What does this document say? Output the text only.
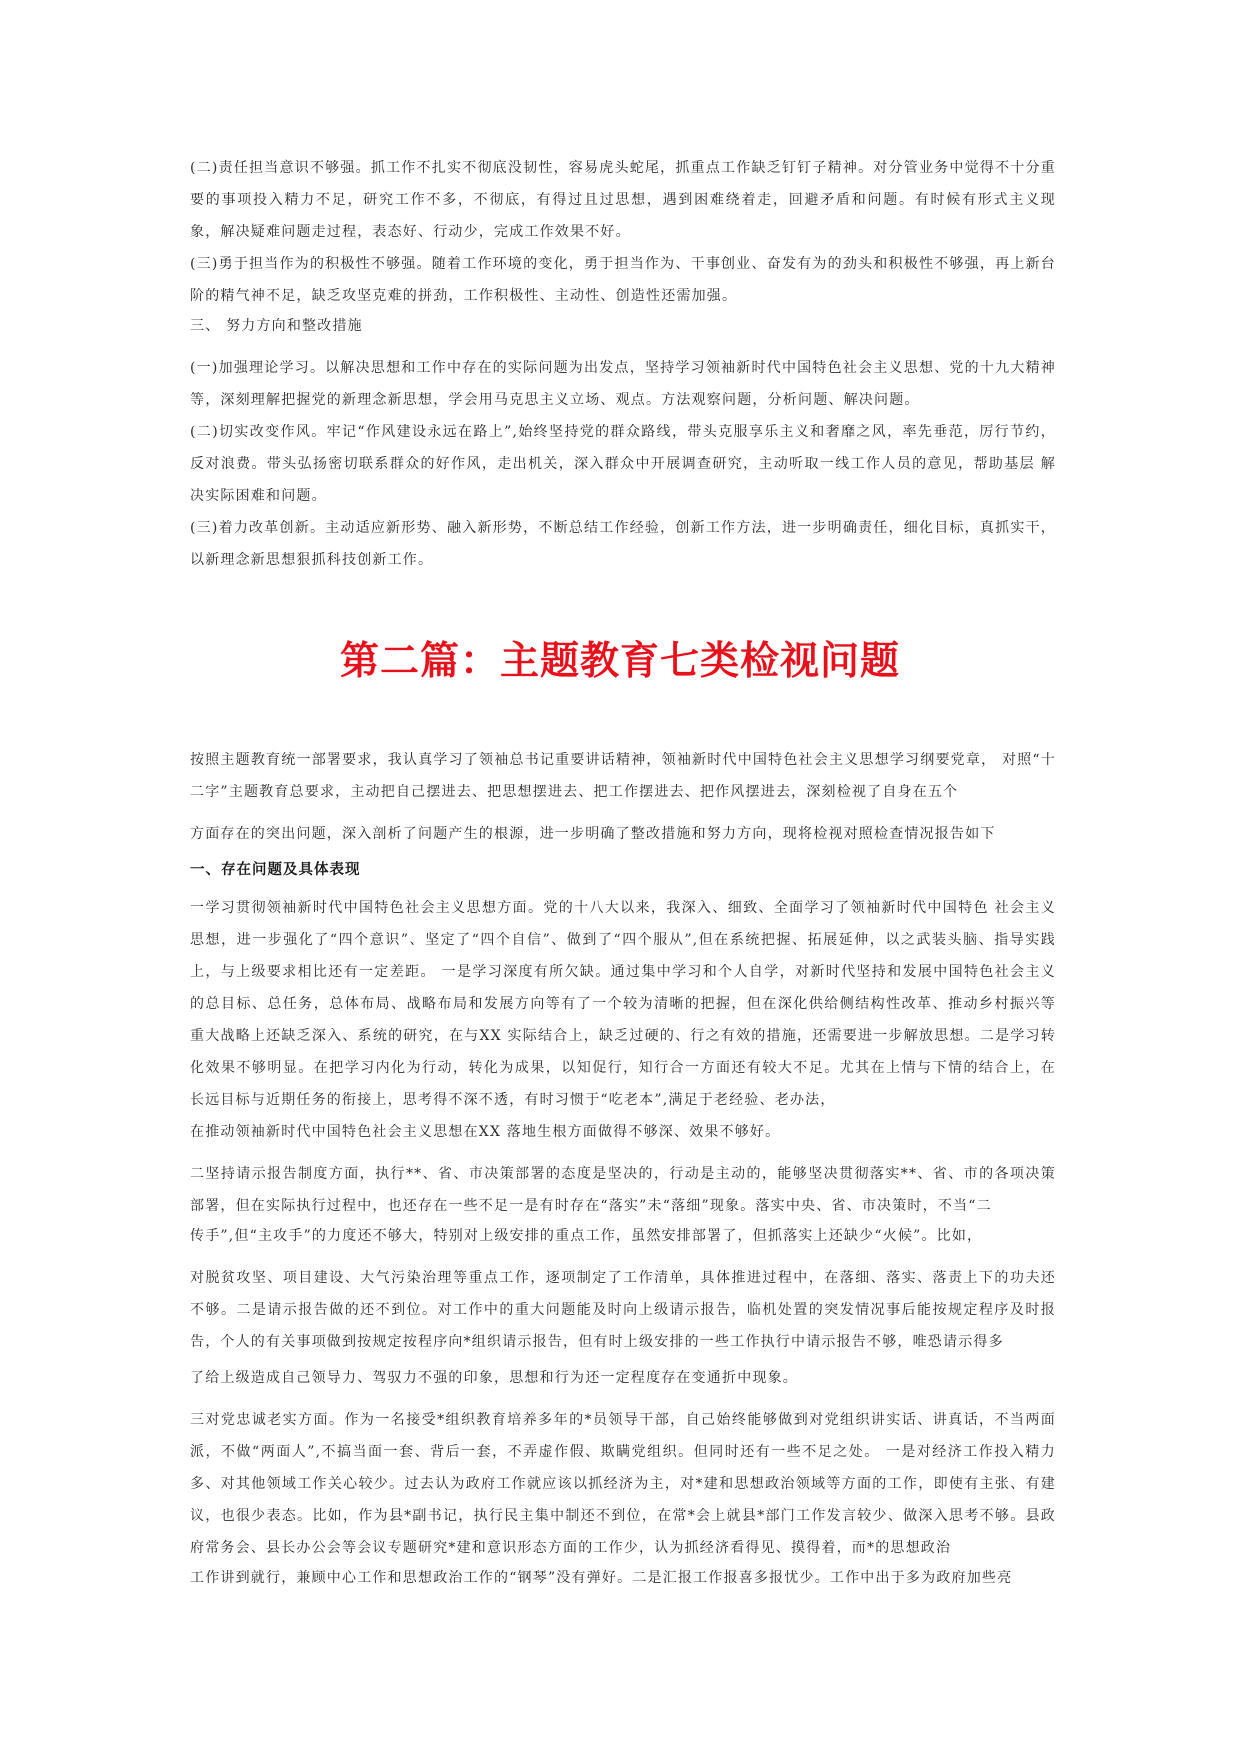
(二)责任担当意识不够强。抓工作不扎实不彻底没韧性，容易虎头蛇尾，抓重点工作缺乏钉钉子精神。对分管业务中觉得不十分重要的事项投入精力不足，研究工作不多，不彻底，有得过且过思想，遇到困难绕着走，回避矛盾和问题。有时候有形式主义现象，解决疑难问题走过程，表态好、行动少，完成工作效果不好。

(三)勇于担当作为的积极性不够强。随着工作环境的变化，勇于担当作为、干事创业、奋发有为的劲头和积极性不够强，再上新台阶的精气神不足，缺乏攻坚克难的拼劲，工作积极性、主动性、创造性还需加强。

三、 努力方向和整改措施

(一)加强理论学习。以解决思想和工作中存在的实际问题为出发点，坚持学习领袖新时代中国特色社会主义思想、党的十九大精神等，深刻理解把握党的新理念新思想，学会用马克思主义立场、观点。方法观察问题，分析问题、解决问题。

(二)切实改变作风。牢记“作风建设永远在路上”,始终坚持党的群众路线，带头克服享乐主义和奢靡之风，率先垂范，厉行节约，反对浪费。带头弘扬密切联系群众的好作风，走出机关，深入群众中开展调查研究，主动听取一线工作人员的意见，帮助基层 解决实际困难和问题。

(三)着力改革创新。主动适应新形势、融入新形势，不断总结工作经验，创新工作方法，进一步明确责任，细化目标，真抓实干，以新理念新思想狠抓科技创新工作。

第二篇：主题教育七类检视问题

按照主题教育统一部署要求，我认真学习了领袖总书记重要讲话精神，领袖新时代中国特色社会主义思想学习纲要党章， 对照“十二字”主题教育总要求，主动把自己摆进去、把思想摆进去、把工作摆进去、把作风摆进去，深刻检视了自身在五个

方面存在的突出问题，深入剖析了问题产生的根源，进一步明确了整改措施和努力方向，现将检视对照检查情况报告如下

一、存在问题及具体表现

一学习贯彻领袖新时代中国特色社会主义思想方面。党的十八大以来，我深入、细致、全面学习了领袖新时代中国特色 社会主义思想，进一步强化了“四个意识”、坚定了“四个自信”、做到了“四个服从”,但在系统把握、拓展延伸，以之武装头脑、指导实践上，与上级要求相比还有一定差距。 一是学习深度有所欠缺。通过集中学习和个人自学，对新时代坚持和发展中国特色社会主义的总目标、总任务，总体布局、战略布局和发展方向等有了一个较为清晰的把握，但在深化供给侧结构性改革、推动乡村振兴等重大战略上还缺乏深入、系统的研究，在与XX 实际结合上，缺乏过硬的、行之有效的措施，还需要进一步解放思想。二是学习转化效果不够明显。在把学习内化为行动，转化为成果，以知促行，知行合一方面还有较大不足。尤其在上情与下情的结合上，在长远目标与近期任务的衔接上，思考得不深不透，有时习惯于“吃老本”,满足于老经验、老办法，

在推动领袖新时代中国特色社会主义思想在XX 落地生根方面做得不够深、效果不够好。

二坚持请示报告制度方面，执行**、省、市决策部署的态度是坚决的，行动是主动的，能够坚决贯彻落实**、省、市的各项决策部署，但在实际执行过程中，也还存在一些不足一是有时存在“落实”未“落细”现象。落实中央、省、市决策时，不当“二

传手”,但“主攻手”的力度还不够大，特别对上级安排的重点工作，虽然安排部署了，但抓落实上还缺少“火候”。比如，

对脱贫攻坚、项目建设、大气污染治理等重点工作，逐项制定了工作清单，具体推进过程中，在落细、落实、落责上下的功夫还不够。二是请示报告做的还不到位。对工作中的重大问题能及时向上级请示报告，临机处置的突发情况事后能按规定程序及时报告，个人的有关事项做到按规定按程序向*组织请示报告，但有时上级安排的一些工作执行中请示报告不够，唯恐请示得多

了给上级造成自己领导力、驾驭力不强的印象，思想和行为还一定程度存在变通折中现象。

三对党忠诚老实方面。作为一名接受*组织教育培养多年的*员领导干部，自己始终能够做到对党组织讲实话、讲真话，不当两面派，不做“两面人”,不搞当面一套、背后一套，不弄虚作假、欺瞒党组织。但同时还有一些不足之处。 一是对经济工作投入精力多、对其他领域工作关心较少。过去认为政府工作就应该以抓经济为主，对*建和思想政治领域等方面的工作，即使有主张、有建议，也很少表态。比如，作为县*副书记，执行民主集中制还不到位，在常*会上就县*部门工作发言较少、做深入思考不够。县政府常务会、县长办公会等会议专题研究*建和意识形态方面的工作少，认为抓经济看得见、摸得着，而*的思想政治

工作讲到就行，兼顾中心工作和思想政治工作的“钢琴”没有弹好。二是汇报工作报喜多报忧少。工作中出于多为政府加些亮
